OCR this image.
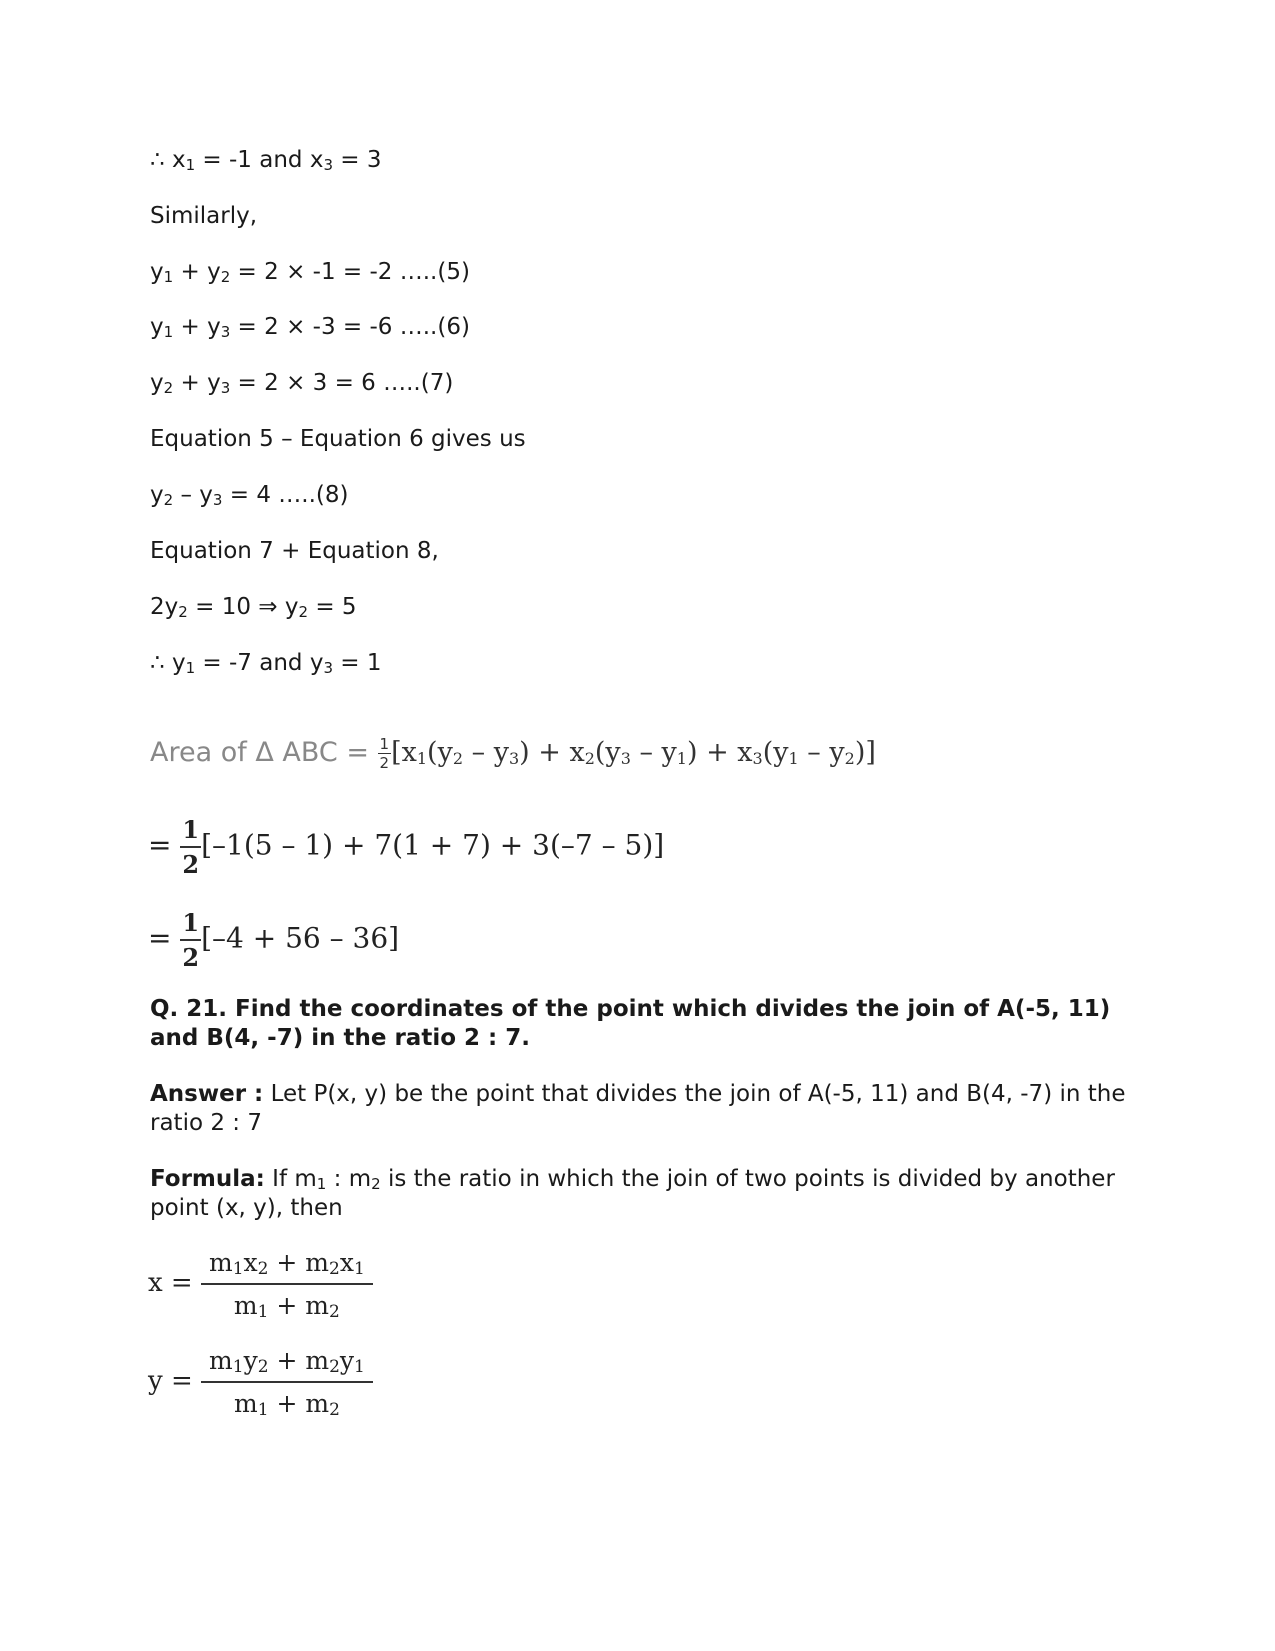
∴ $x_1 = -1$ and $x_3 = 3$
Similarly,
$y_1 + y_2 = 2 \times -1 = -2$ …..(5)
$y_1 + y_3 = 2 \times -3 = -6$ …..(6)
$y_2 + y_3 = 2 \times 3 = 6$ …..(7)
Equation 5 – Equation 6 gives us
$y_2 - y_3 = 4$ …..(8)
Equation 7 + Equation 8,
$2y_2 = 10$ ⇒ $y_2 = 5$
∴ $y_1 = -7$ and $y_3 = 1$
Area of Δ ABC = $\frac{1}{2} [x_1(y_2 - y_3) + x_2(y_3 - y_1) + x_3(y_1 - y_2)]$
= $\frac{1}{2} [-1(5 - 1) + 7(1 + 7) + 3(-7 - 5)]$
= $\frac{1}{2} [-4 + 56 - 36]$
Q. 21. Find the coordinates of the point which divides the join of A(-5, 11) and B(4, -7) in the ratio 2 : 7.
Answer : Let P(x, y) be the point that divides the join of A(-5, 11) and B(4, -7) in the ratio 2 : 7
Formula: If $m_1$ : $m_2$ is the ratio in which the join of two points is divided by another point (x, y), then
$x = \frac{m_1x_2 + m_2x_1}{m_1 + m_2}$
$y = \frac{m_1y_2 + m_2y_1}{m_1 + m_2}$
